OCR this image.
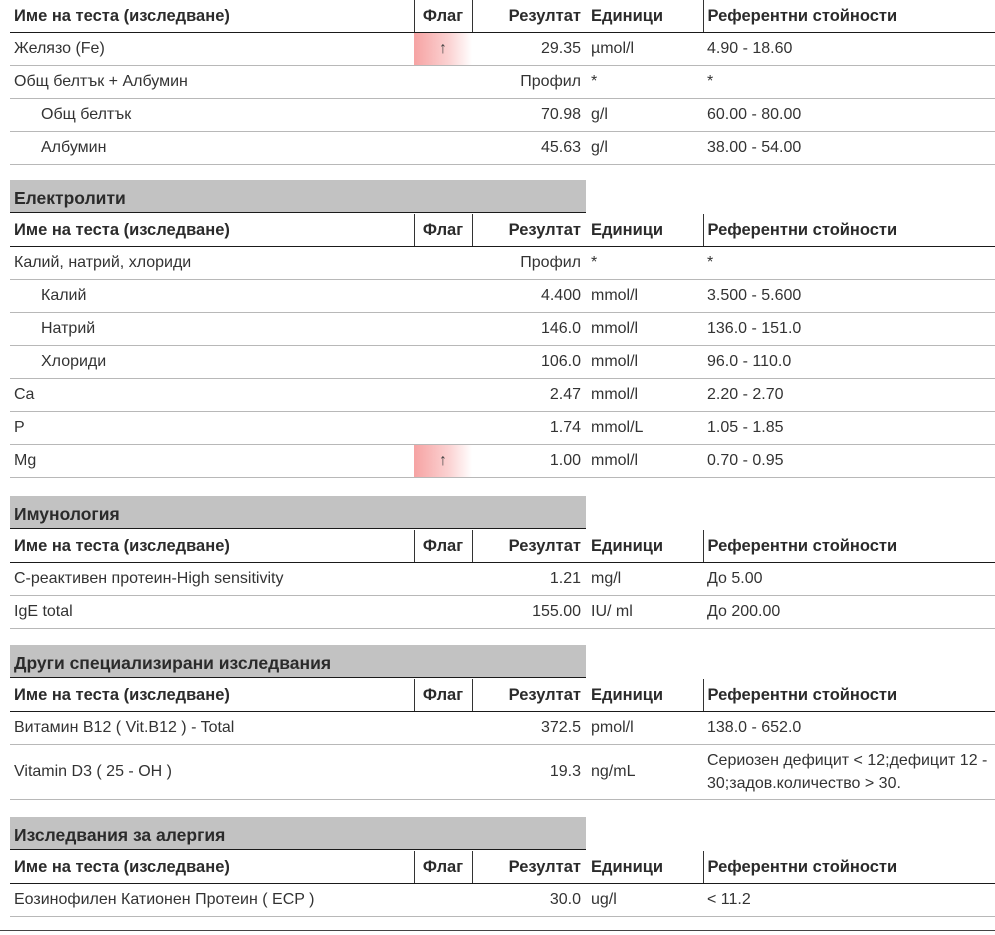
Име на теста (изследване)	Флаг	Резултат	Единици	Референтни стойности
Желязо (Fe)	↑	29.35	µmol/l	4.90 - 18.60
Общ белтък + Албумин		Профил	*	*
Общ белтък		70.98	g/l	60.00 - 80.00
Албумин		45.63	g/l	38.00 - 54.00
Електролити
Име на теста (изследване)	Флаг	Резултат	Единици	Референтни стойности
Калий, натрий, хлориди		Профил	*	*
Калий		4.400	mmol/l	3.500 - 5.600
Натрий		146.0	mmol/l	136.0 - 151.0
Хлориди		106.0	mmol/l	96.0 - 110.0
Ca		2.47	mmol/l	2.20 - 2.70
P		1.74	mmol/L	1.05 - 1.85
Mg	↑	1.00	mmol/l	0.70 - 0.95
Имунология
Име на теста (изследване)	Флаг	Резултат	Единици	Референтни стойности
C-реактивен протеин-High sensitivity		1.21	mg/l	До 5.00
IgE total		155.00	IU/ ml	До 200.00
Други специализирани изследвания
Име на теста (изследване)	Флаг	Резултат	Единици	Референтни стойности
Витамин B12 ( Vit.B12 ) - Total		372.5	pmol/l	138.0 - 652.0
Vitamin D3 ( 25 - OH )		19.3	ng/mL	Сериозен дефицит < 12;дефицит 12 - 30;задов.количество > 30.
Изследвания за алергия
Име на теста (изследване)	Флаг	Резултат	Единици	Референтни стойности
Еозинофилен Катионен Протеин ( ECP )		30.0	ug/l	< 11.2
